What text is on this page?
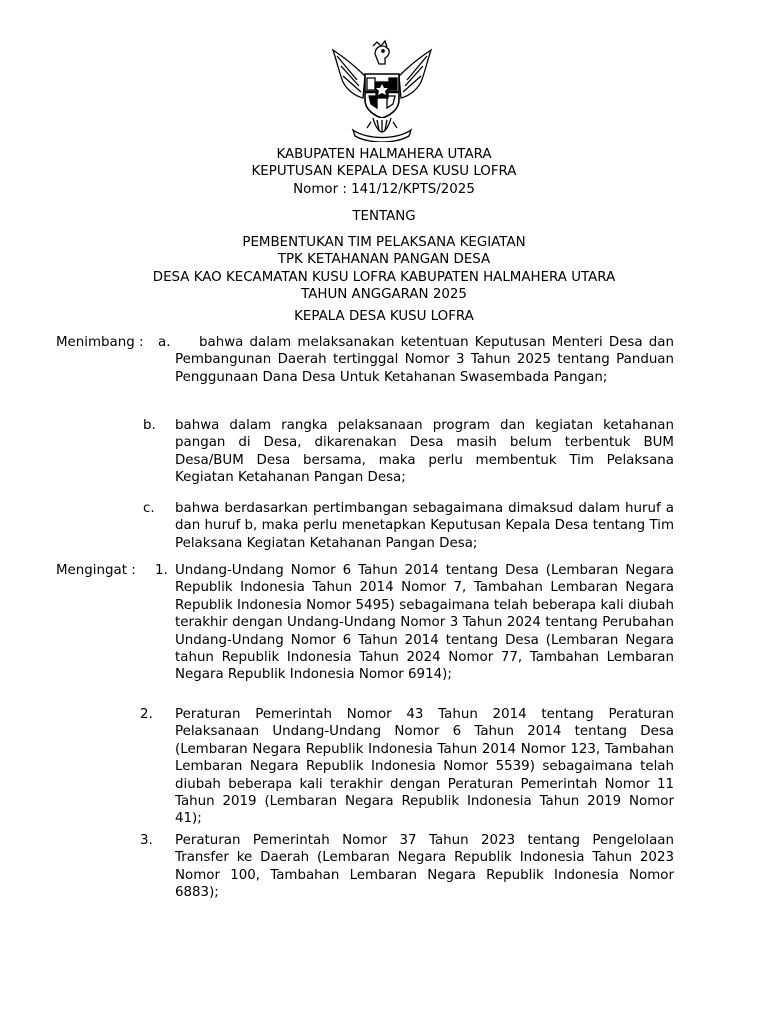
KABUPATEN HALMAHERA UTARA
KEPUTUSAN KEPALA DESA KUSU LOFRA
Nomor : 141/12/KPTS/2025
TENTANG
PEMBENTUKAN TIM PELAKSANA KEGIATAN
TPK KETAHANAN PANGAN DESA
DESA KAO KECAMATAN KUSU LOFRA KABUPATEN HALMAHERA UTARA
TAHUN ANGGARAN 2025
KEPALA DESA KUSU LOFRA
Menimbang : a.	bahwa dalam melaksanakan ketentuan Keputusan Menteri Desa dan Pembangunan Daerah tertinggal Nomor 3 Tahun 2025 tentang Panduan Penggunaan Dana Desa Untuk Ketahanan Swasembada Pangan;
b. bahwa dalam rangka pelaksanaan program dan kegiatan ketahanan pangan di Desa, dikarenakan Desa masih belum terbentuk BUM Desa/BUM Desa bersama, maka perlu membentuk Tim Pelaksana Kegiatan Ketahanan Pangan Desa;
c. bahwa berdasarkan pertimbangan sebagaimana dimaksud dalam huruf a dan huruf b, maka perlu menetapkan Keputusan Kepala Desa tentang Tim Pelaksana Kegiatan Ketahanan Pangan Desa;
Mengingat : 1. Undang-Undang Nomor 6 Tahun 2014 tentang Desa (Lembaran Negara Republik Indonesia Tahun 2014 Nomor 7, Tambahan Lembaran Negara Republik Indonesia Nomor 5495) sebagaimana telah beberapa kali diubah terakhir dengan Undang-Undang Nomor 3 Tahun 2024 tentang Perubahan Undang-Undang Nomor 6 Tahun 2014 tentang Desa (Lembaran Negara tahun Republik Indonesia Tahun 2024 Nomor 77, Tambahan Lembaran Negara Republik Indonesia Nomor 6914);
2. Peraturan Pemerintah Nomor 43 Tahun 2014 tentang Peraturan Pelaksanaan Undang-Undang Nomor 6 Tahun 2014 tentang Desa (Lembaran Negara Republik Indonesia Tahun 2014 Nomor 123, Tambahan Lembaran Negara Republik Indonesia Nomor 5539) sebagaimana telah diubah beberapa kali terakhir dengan Peraturan Pemerintah Nomor 11 Tahun 2019 (Lembaran Negara Republik Indonesia Tahun 2019 Nomor 41);
3. Peraturan Pemerintah Nomor 37 Tahun 2023 tentang Pengelolaan Transfer ke Daerah (Lembaran Negara Republik Indonesia Tahun 2023 Nomor 100, Tambahan Lembaran Negara Republik Indonesia Nomor 6883);
